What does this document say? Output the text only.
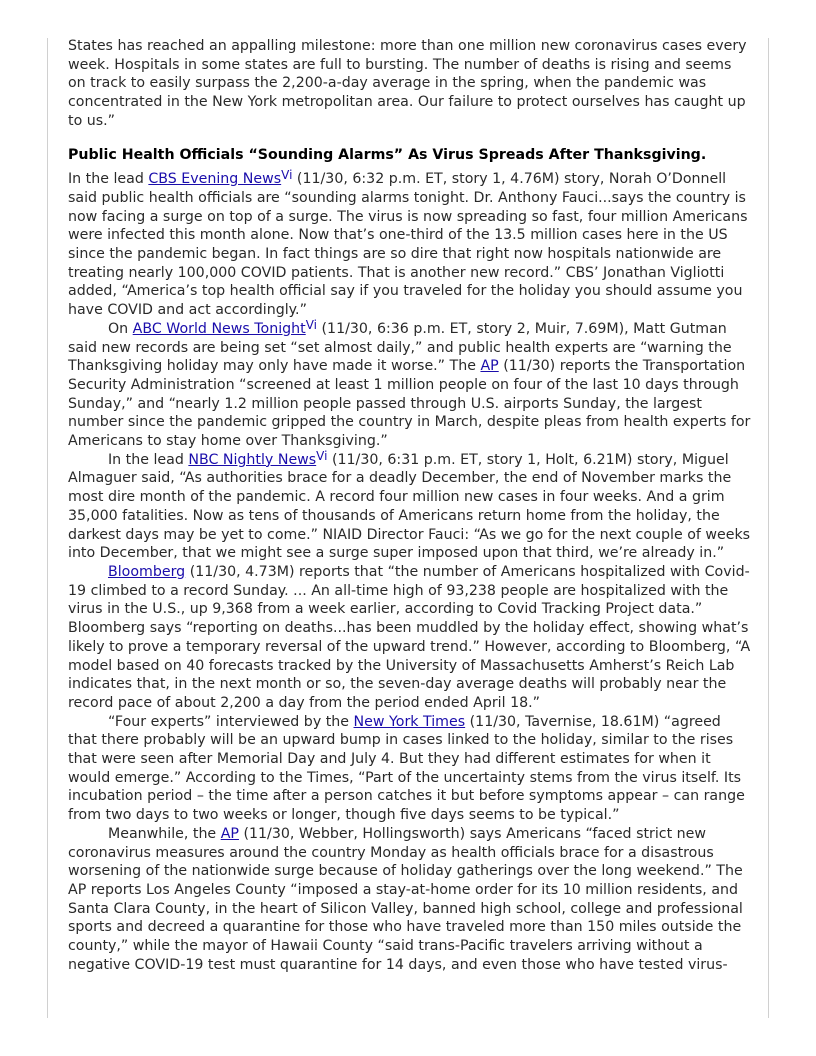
States has reached an appalling milestone: more than one million new coronavirus cases every week. Hospitals in some states are full to bursting. The number of deaths is rising and seems on track to easily surpass the 2,200-a-day average in the spring, when the pandemic was concentrated in the New York metropolitan area. Our failure to protect ourselves has caught up to us.”

Public Health Officials “Sounding Alarms” As Virus Spreads After Thanksgiving.

In the lead CBS Evening News$^{Vi}$ (11/30, 6:32 p.m. ET, story 1, 4.76M) story, Norah O’Donnell said public health officials are “sounding alarms tonight. Dr. Anthony Fauci...says the country is now facing a surge on top of a surge. The virus is now spreading so fast, four million Americans were infected this month alone. Now that’s one-third of the 13.5 million cases here in the US since the pandemic began. In fact things are so dire that right now hospitals nationwide are treating nearly 100,000 COVID patients. That is another new record.” CBS’ Jonathan Vigliotti added, “America’s top health official say if you traveled for the holiday you should assume you have COVID and act accordingly.”

On ABC World News Tonight$^{Vi}$ (11/30, 6:36 p.m. ET, story 2, Muir, 7.69M), Matt Gutman said new records are being set “set almost daily,” and public health experts are “warning the Thanksgiving holiday may only have made it worse.” The AP (11/30) reports the Transportation Security Administration “screened at least 1 million people on four of the last 10 days through Sunday,” and “nearly 1.2 million people passed through U.S. airports Sunday, the largest number since the pandemic gripped the country in March, despite pleas from health experts for Americans to stay home over Thanksgiving.”

In the lead NBC Nightly News$^{Vi}$ (11/30, 6:31 p.m. ET, story 1, Holt, 6.21M) story, Miguel Almaguer said, “As authorities brace for a deadly December, the end of November marks the most dire month of the pandemic. A record four million new cases in four weeks. And a grim 35,000 fatalities. Now as tens of thousands of Americans return home from the holiday, the darkest days may be yet to come.” NIAID Director Fauci: “As we go for the next couple of weeks into December, that we might see a surge super imposed upon that third, we’re already in.”

Bloomberg (11/30, 4.73M) reports that “the number of Americans hospitalized with Covid-19 climbed to a record Sunday. ... An all-time high of 93,238 people are hospitalized with the virus in the U.S., up 9,368 from a week earlier, according to Covid Tracking Project data.” Bloomberg says “reporting on deaths...has been muddled by the holiday effect, showing what’s likely to prove a temporary reversal of the upward trend.” However, according to Bloomberg, “A model based on 40 forecasts tracked by the University of Massachusetts Amherst’s Reich Lab indicates that, in the next month or so, the seven-day average deaths will probably near the record pace of about 2,200 a day from the period ended April 18.”

“Four experts” interviewed by the New York Times (11/30, Tavernise, 18.61M) “agreed that there probably will be an upward bump in cases linked to the holiday, similar to the rises that were seen after Memorial Day and July 4. But they had different estimates for when it would emerge.” According to the Times, “Part of the uncertainty stems from the virus itself. Its incubation period – the time after a person catches it but before symptoms appear – can range from two days to two weeks or longer, though five days seems to be typical.”

Meanwhile, the AP (11/30, Webber, Hollingsworth) says Americans “faced strict new coronavirus measures around the country Monday as health officials brace for a disastrous worsening of the nationwide surge because of holiday gatherings over the long weekend.” The AP reports Los Angeles County “imposed a stay-at-home order for its 10 million residents, and Santa Clara County, in the heart of Silicon Valley, banned high school, college and professional sports and decreed a quarantine for those who have traveled more than 150 miles outside the county,” while the mayor of Hawaii County “said trans-Pacific travelers arriving without a negative COVID-19 test must quarantine for 14 days, and even those who have tested virus-
